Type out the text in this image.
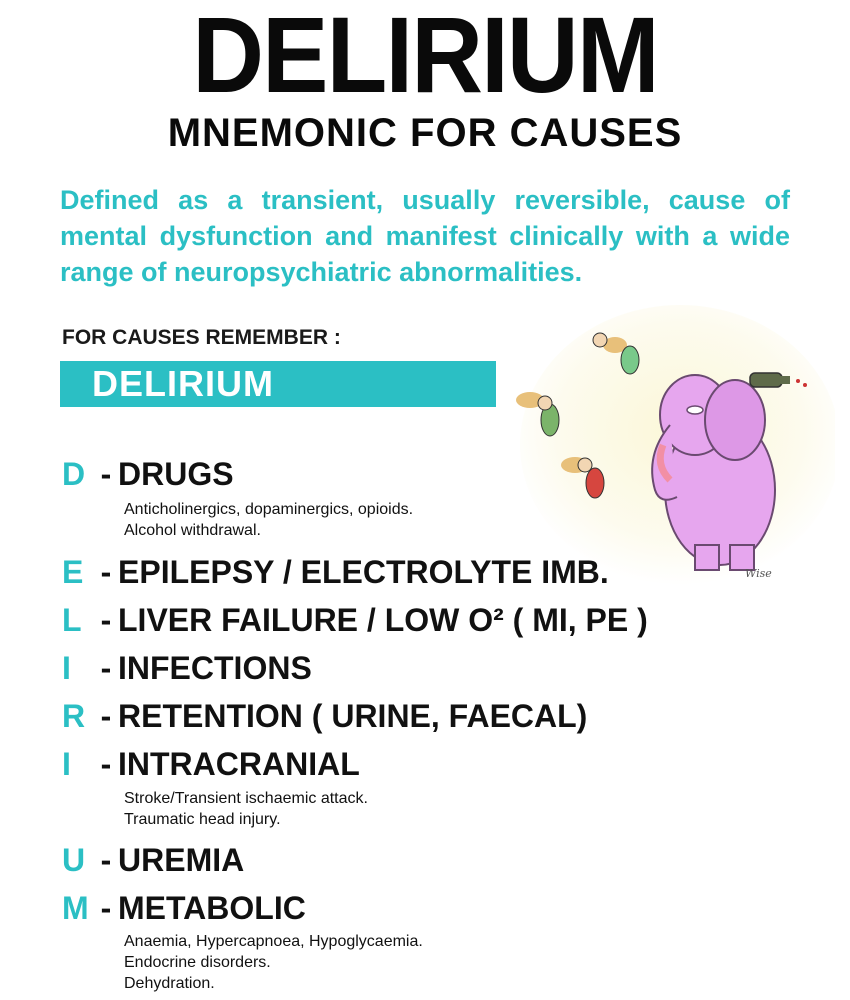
DELIRIUM
MNEMONIC FOR CAUSES
Defined as a transient, usually reversible, cause of mental dysfunction and manifest clinically with a wide range of neuropsychiatric abnormalities.
FOR CAUSES REMEMBER :
DELIRIUM
Wise
D - DRUGS
Anticholinergics, dopaminergics, opioids.
Alcohol withdrawal.
E - EPILEPSY / ELECTROLYTE IMB.
L - LIVER FAILURE / LOW O² ( MI, PE )
I - INFECTIONS
R - RETENTION ( URINE, FAECAL)
I - INTRACRANIAL
Stroke/Transient ischaemic attack.
Traumatic head injury.
U - UREMIA
M - METABOLIC
Anaemia, Hypercapnoea, Hypoglycaemia.
Endocrine disorders.
Dehydration.
